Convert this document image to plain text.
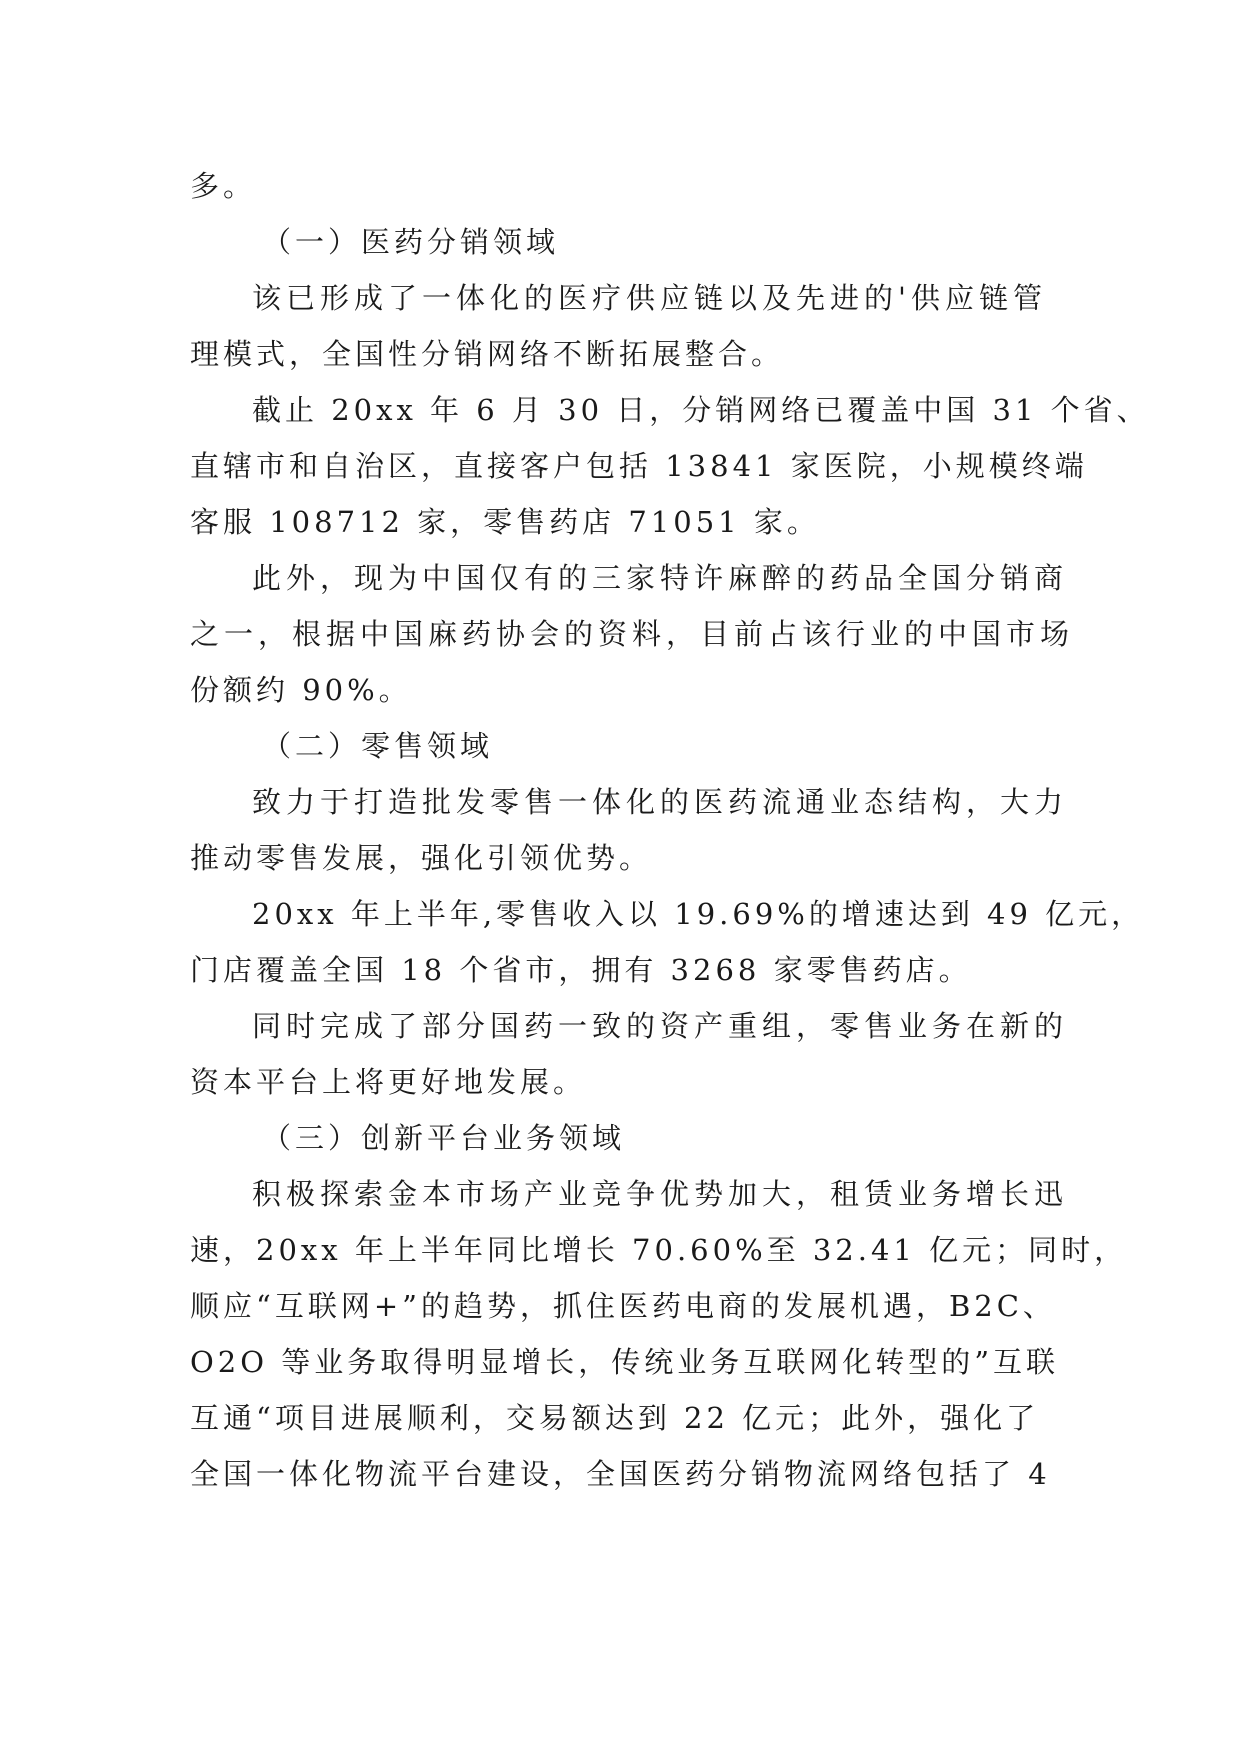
多。
（一）医药分销领域
该已形成了一体化的医疗供应链以及先进的'供应链管
理模式，全国性分销网络不断拓展整合。
截止 20xx 年 6 月 30 日，分销网络已覆盖中国 31 个省、
直辖市和自治区，直接客户包括 13841 家医院，小规模终端
客服 108712 家，零售药店 71051 家。
此外，现为中国仅有的三家特许麻醉的药品全国分销商
之一，根据中国麻药协会的资料，目前占该行业的中国市场
份额约 90%。
（二）零售领域
致力于打造批发零售一体化的医药流通业态结构，大力
推动零售发展，强化引领优势。
20xx 年上半年,零售收入以 19.69%的增速达到 49 亿元，
门店覆盖全国 18 个省市，拥有 3268 家零售药店。
同时完成了部分国药一致的资产重组，零售业务在新的
资本平台上将更好地发展。
（三）创新平台业务领域
积极探索金本市场产业竞争优势加大，租赁业务增长迅
速，20xx 年上半年同比增长 70.60%至 32.41 亿元；同时，
顺应“互联网+”的趋势，抓住医药电商的发展机遇，B2C、
O2O 等业务取得明显增长，传统业务互联网化转型的”互联
互通“项目进展顺利，交易额达到 22 亿元；此外，强化了
全国一体化物流平台建设，全国医药分销物流网络包括了 4
